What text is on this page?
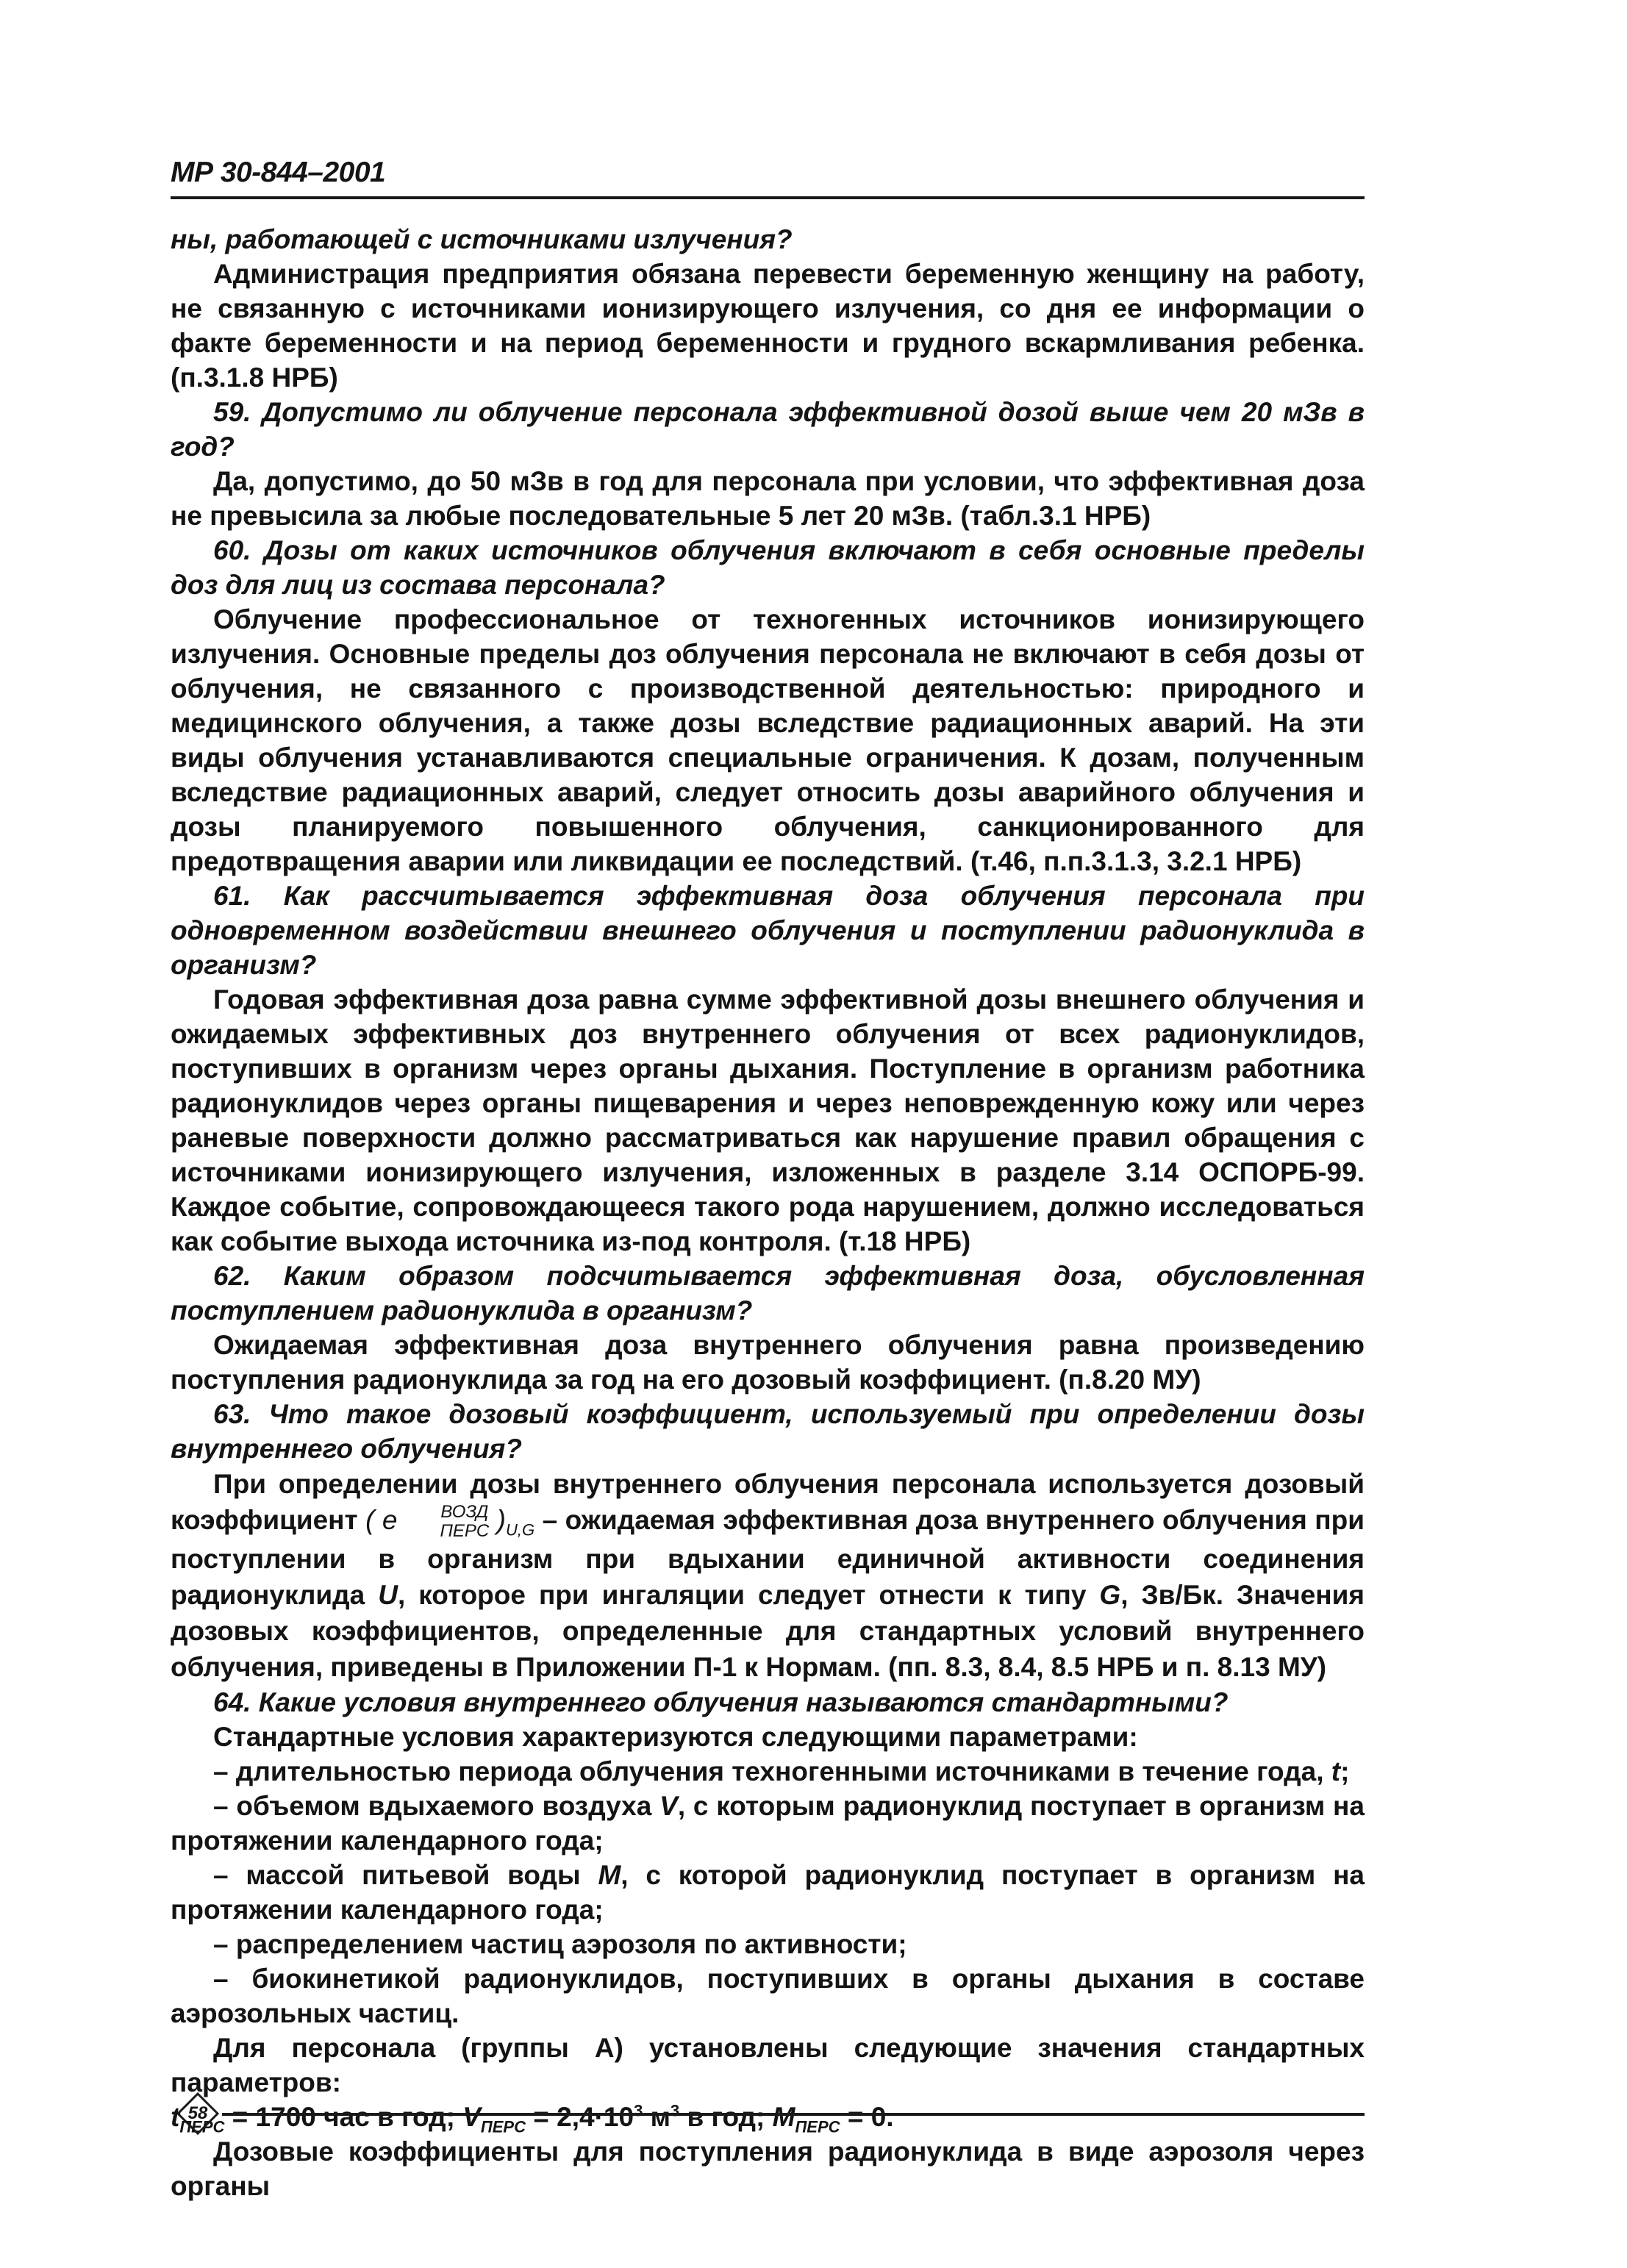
МР 30-844–2001

ны, работающей с источниками излучения?

Администрация предприятия обязана перевести беременную женщину на работу, не связанную с источниками ионизирующего излучения, со дня ее информации о факте беременности и на период беременности и грудного вскармливания ребенка. (п.3.1.8 НРБ)

59. Допустимо ли облучение персонала эффективной дозой выше чем 20 мЗв в год?

Да, допустимо, до 50 мЗв в год для персонала при условии, что эффективная доза не превысила за любые последовательные 5 лет 20 мЗв. (табл.3.1 НРБ)

60. Дозы от каких источников облучения включают в себя основные пределы доз для лиц из состава персонала?

Облучение профессиональное от техногенных источников ионизирующего излучения. Основные пределы доз облучения персонала не включают в себя дозы от облучения, не связанного с производственной деятельностью: природного и медицинского облучения, а также дозы вследствие радиационных аварий. На эти виды облучения устанавливаются специальные ограничения. К дозам, полученным вследствие радиационных аварий, следует относить дозы аварийного облучения и дозы планируемого повышенного облучения, санкционированного для предотвращения аварии или ликвидации ее последствий. (т.46, п.п.3.1.3, 3.2.1 НРБ)

61. Как рассчитывается эффективная доза облучения персонала при одновременном воздействии внешнего облучения и поступлении радионуклида в организм?

Годовая эффективная доза равна сумме эффективной дозы внешнего облучения и ожидаемых эффективных доз внутреннего облучения от всех радионуклидов, поступивших в организм через органы дыхания. Поступление в организм работника радионуклидов через органы пищеварения и через неповрежденную кожу или через раневые поверхности должно рассматриваться как нарушение правил обращения с источниками ионизирующего излучения, изложенных в разделе 3.14 ОСПОРБ-99. Каждое событие, сопровождающееся такого рода нарушением, должно исследоваться как событие выхода источника из-под контроля. (т.18 НРБ)

62. Каким образом подсчитывается эффективная доза, обусловленная поступлением радионуклида в организм?

Ожидаемая эффективная доза внутреннего облучения равна произведению поступления радионуклида за год на его дозовый коэффициент. (п.8.20 МУ)

63. Что такое дозовый коэффициент, используемый при определении дозы внутреннего облучения?

При определении дозы внутреннего облучения персонала используется дозовый коэффициент ( e	ВОЗД
ПЕРС )$_{U,G}$ – ожидаемая эффективная доза внутреннего облучения при поступлении в организм при вдыхании единичной активности соединения радионуклида U, которое при ингаляции следует отнести к типу G, Зв/Бк. Значения дозовых коэффициентов, определенные для стандартных условий внутреннего облучения, приведены в Приложении П-1 к Нормам. (пп. 8.3, 8.4, 8.5 НРБ и п. 8.13 МУ)

64. Какие условия внутреннего облучения называются стандартными?

Стандартные условия характеризуются следующими параметрами:

– длительностью периода облучения техногенными источниками в течение года, t;

– объемом вдыхаемого воздуха V, с которым радионуклид поступает в организм на протяжении календарного года;

– массой питьевой воды M, с которой радионуклид поступает в организм на протяжении календарного года;

– распределением частиц аэрозоля по активности;

– биокинетикой радионуклидов, поступивших в органы дыхания в составе аэрозольных частиц.

Для персонала (группы А) установлены следующие значения стандартных параметров:

$t_{ПЕРС} = 1700$ час в год; $V_{ПЕРС} = 2,4\cdot 10^3$ $м^3$ в год; $M_{ПЕРС} = 0$.

Дозовые коэффициенты для поступления радионуклида в виде аэрозоля через органы

58
